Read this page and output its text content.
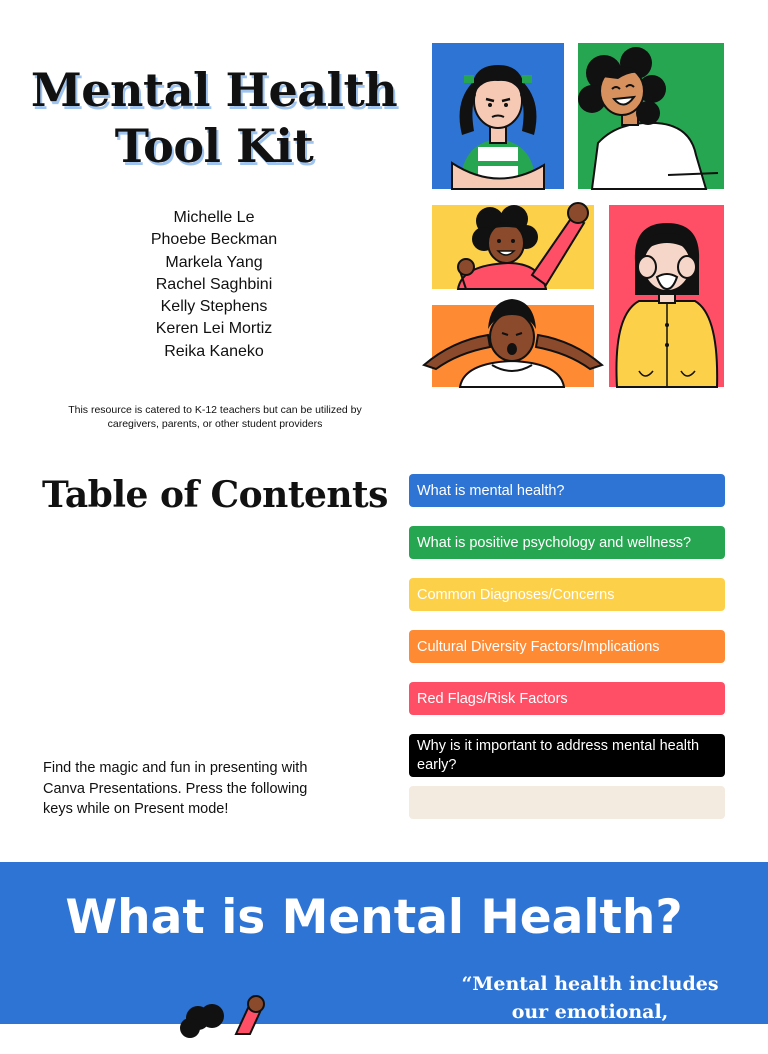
Mental Health
Tool Kit
Michelle Le
Phoebe Beckman
Markela Yang
Rachel Saghbini
Kelly Stephens
Keren Lei Mortiz
Reika Kaneko
This resource is catered to K-12 teachers but can be utilized by caregivers, parents, or other student providers
Table of Contents	What is mental health?
What is positive psychology and wellness?
Common Diagnoses/Concerns
Cultural Diversity Factors/Implications
Red Flags/Risk Factors
Why is it important to address mental health early?
Find the magic and fun in presenting with Canva Presentations. Press the following keys while on Present mode!
What is Mental Health?
“Mental health includes our emotional, psychological,
